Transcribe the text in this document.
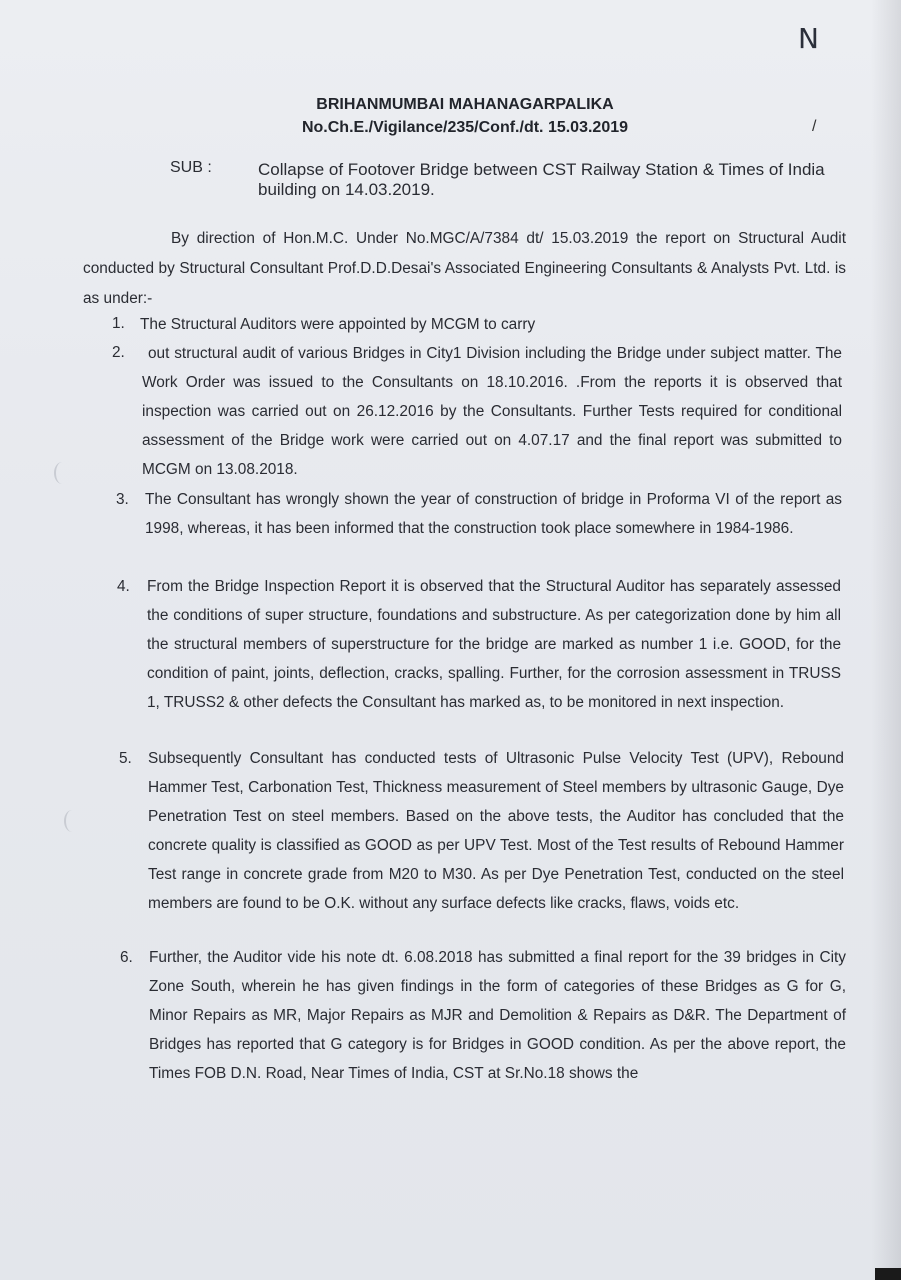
N
/
BRIHANMUMBAI MAHANAGARPALIKA
No.Ch.E./Vigilance/235/Conf./dt. 15.03.2019
SUB :	Collapse of Footover Bridge between CST Railway Station & Times of India building on 14.03.2019.
By direction of Hon.M.C. Under No.MGC/A/7384 dt/ 15.03.2019 the report on Structural Audit conducted by Structural Consultant Prof.D.D.Desai's Associated Engineering Consultants & Analysts Pvt. Ltd. is as under:-
1. The Structural Auditors were appointed by MCGM to carry
2.	out structural audit of various Bridges in City1 Division including the Bridge under subject matter. The Work Order was issued to the Consultants on 18.10.2016. .From the reports it is observed that inspection was carried out on 26.12.2016 by the Consultants. Further Tests required for conditional assessment of the Bridge work were carried out on 4.07.17 and the final report was submitted to MCGM on 13.08.2018.
3. The Consultant has wrongly shown the year of construction of bridge in Proforma VI of the report as 1998, whereas, it has been informed that the construction took place somewhere in 1984-1986.
4. From the Bridge Inspection Report it is observed that the Structural Auditor has separately assessed the conditions of super structure, foundations and substructure. As per categorization done by him all the structural members of superstructure for the bridge are marked as number 1 i.e. GOOD, for the condition of paint, joints, deflection, cracks, spalling. Further, for the corrosion assessment in TRUSS 1, TRUSS2 & other defects the Consultant has marked as, to be monitored in next inspection.
5. Subsequently Consultant has conducted tests of Ultrasonic Pulse Velocity Test (UPV), Rebound Hammer Test, Carbonation Test, Thickness measurement of Steel members by ultrasonic Gauge, Dye Penetration Test on steel members. Based on the above tests, the Auditor has concluded that the concrete quality is classified as GOOD as per UPV Test. Most of the Test results of Rebound Hammer Test range in concrete grade from M20 to M30. As per Dye Penetration Test, conducted on the steel members are found to be O.K. without any surface defects like cracks, flaws, voids etc.
6. Further, the Auditor vide his note dt. 6.08.2018 has submitted a final report for the 39 bridges in City Zone South, wherein he has given findings in the form of categories of these Bridges as G for G, Minor Repairs as MR, Major Repairs as MJR and Demolition & Repairs as D&R. The Department of Bridges has reported that G category is for Bridges in GOOD condition. As per the above report, the Times FOB D.N. Road, Near Times of India, CST at Sr.No.18 shows the
